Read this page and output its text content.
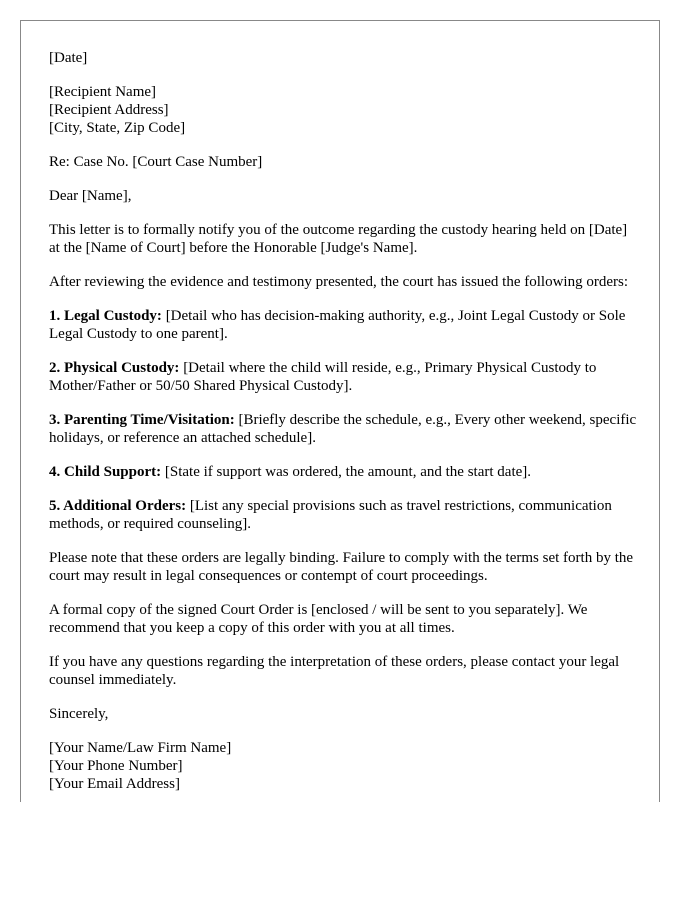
[Date]
[Recipient Name]
[Recipient Address]
[City, State, Zip Code]
Re: Case No. [Court Case Number]
Dear [Name],

This letter is to formally notify you of the outcome regarding the custody hearing held on [Date] at the [Name of Court] before the Honorable [Judge's Name].

After reviewing the evidence and testimony presented, the court has issued the following orders:

1. Legal Custody: [Detail who has decision-making authority, e.g., Joint Legal Custody or Sole Legal Custody to one parent].

2. Physical Custody: [Detail where the child will reside, e.g., Primary Physical Custody to Mother/Father or 50/50 Shared Physical Custody].

3. Parenting Time/Visitation: [Briefly describe the schedule, e.g., Every other weekend, specific holidays, or reference an attached schedule].

4. Child Support: [State if support was ordered, the amount, and the start date].

5. Additional Orders: [List any special provisions such as travel restrictions, communication methods, or required counseling].

Please note that these orders are legally binding. Failure to comply with the terms set forth by the court may result in legal consequences or contempt of court proceedings.

A formal copy of the signed Court Order is [enclosed / will be sent to you separately]. We recommend that you keep a copy of this order with you at all times.

If you have any questions regarding the interpretation of these orders, please contact your legal counsel immediately.

Sincerely,
[Your Name/Law Firm Name]
[Your Phone Number]
[Your Email Address]
